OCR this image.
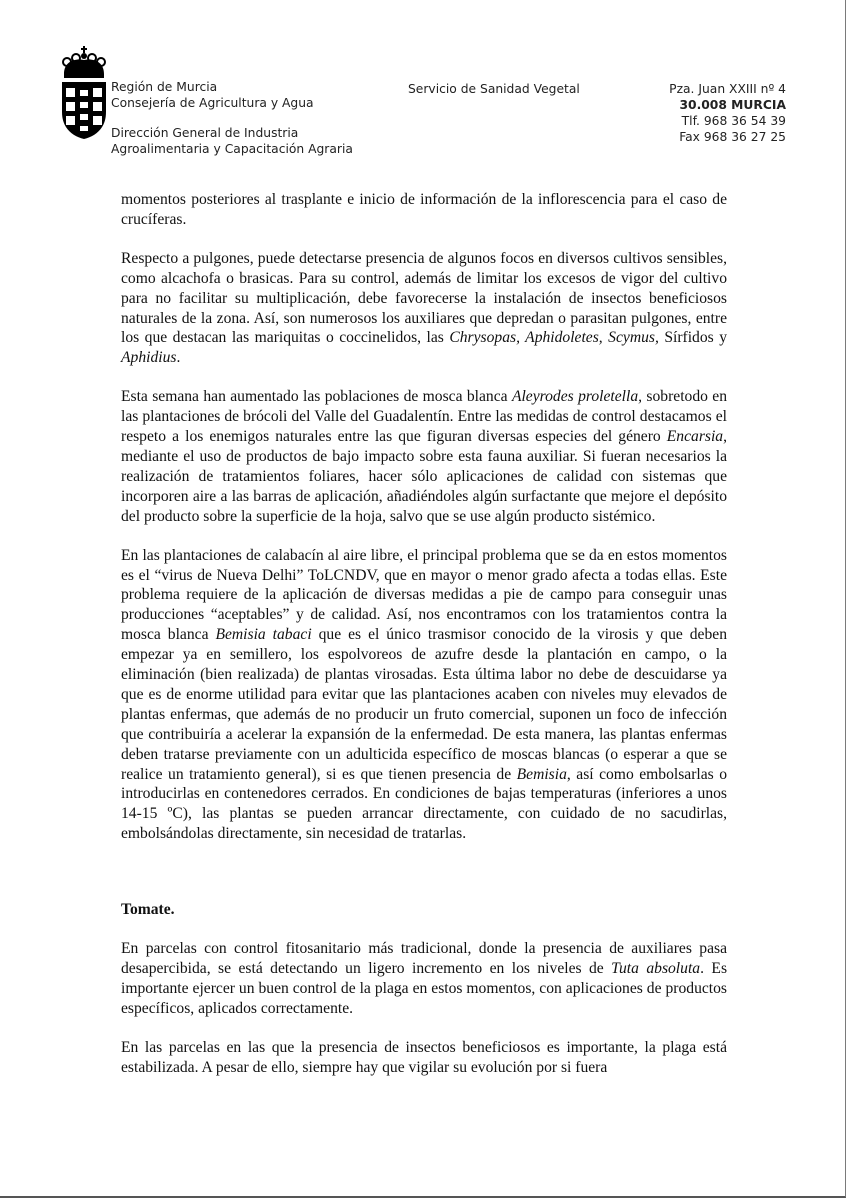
Región de Murcia
Consejería de Agricultura y Agua
Dirección General de Industria
Agroalimentaria y Capacitación Agraria
Servicio de Sanidad Vegetal	Pza. Juan XXIII nº 4
30.008 MURCIA
Tlf. 968 36 54 39
Fax 968 36 27 25

momentos posteriores al trasplante e inicio de información de la inflorescencia para el caso de crucíferas.

Respecto a pulgones, puede detectarse presencia de algunos focos en diversos cultivos sensibles, como alcachofa o brasicas. Para su control, además de limitar los excesos de vigor del cultivo para no facilitar su multiplicación, debe favorecerse la instalación de insectos beneficiosos naturales de la zona. Así, son numerosos los auxiliares que depredan o parasitan pulgones, entre los que destacan las mariquitas o coccinelidos, las Chrysopas, Aphidoletes, Scymus, Sírfidos y Aphidius.

Esta semana han aumentado las poblaciones de mosca blanca Aleyrodes proletella, sobretodo en las plantaciones de brócoli del Valle del Guadalentín. Entre las medidas de control destacamos el respeto a los enemigos naturales entre las que figuran diversas especies del género Encarsia, mediante el uso de productos de bajo impacto sobre esta fauna auxiliar. Si fueran necesarios la realización de tratamientos foliares, hacer sólo aplicaciones de calidad con sistemas que incorporen aire a las barras de aplicación, añadiéndoles algún surfactante que mejore el depósito del producto sobre la superficie de la hoja, salvo que se use algún producto sistémico.

En las plantaciones de calabacín al aire libre, el principal problema que se da en estos momentos es el “virus de Nueva Delhi” ToLCNDV, que en mayor o menor grado afecta a todas ellas. Este problema requiere de la aplicación de diversas medidas a pie de campo para conseguir unas producciones “aceptables” y de calidad. Así, nos encontramos con los tratamientos contra la mosca blanca Bemisia tabaci que es el único trasmisor conocido de la virosis y que deben empezar ya en semillero, los espolvoreos de azufre desde la plantación en campo, o la eliminación (bien realizada) de plantas virosadas. Esta última labor no debe de descuidarse ya que es de enorme utilidad para evitar que las plantaciones acaben con niveles muy elevados de plantas enfermas, que además de no producir un fruto comercial, suponen un foco de infección que contribuiría a acelerar la expansión de la enfermedad. De esta manera, las plantas enfermas deben tratarse previamente con un adulticida específico de moscas blancas (o esperar a que se realice un tratamiento general), si es que tienen presencia de Bemisia, así como embolsarlas o introducirlas en contenedores cerrados. En condiciones de bajas temperaturas (inferiores a unos 14-15 ºC), las plantas se pueden arrancar directamente, con cuidado de no sacudirlas, embolsándolas directamente, sin necesidad de tratarlas.

Tomate.

En parcelas con control fitosanitario más tradicional, donde la presencia de auxiliares pasa desapercibida, se está detectando un ligero incremento en los niveles de Tuta absoluta. Es importante ejercer un buen control de la plaga en estos momentos, con aplicaciones de productos específicos, aplicados correctamente.

En las parcelas en las que la presencia de insectos beneficiosos es importante, la plaga está estabilizada. A pesar de ello, siempre hay que vigilar su evolución por si fuera
